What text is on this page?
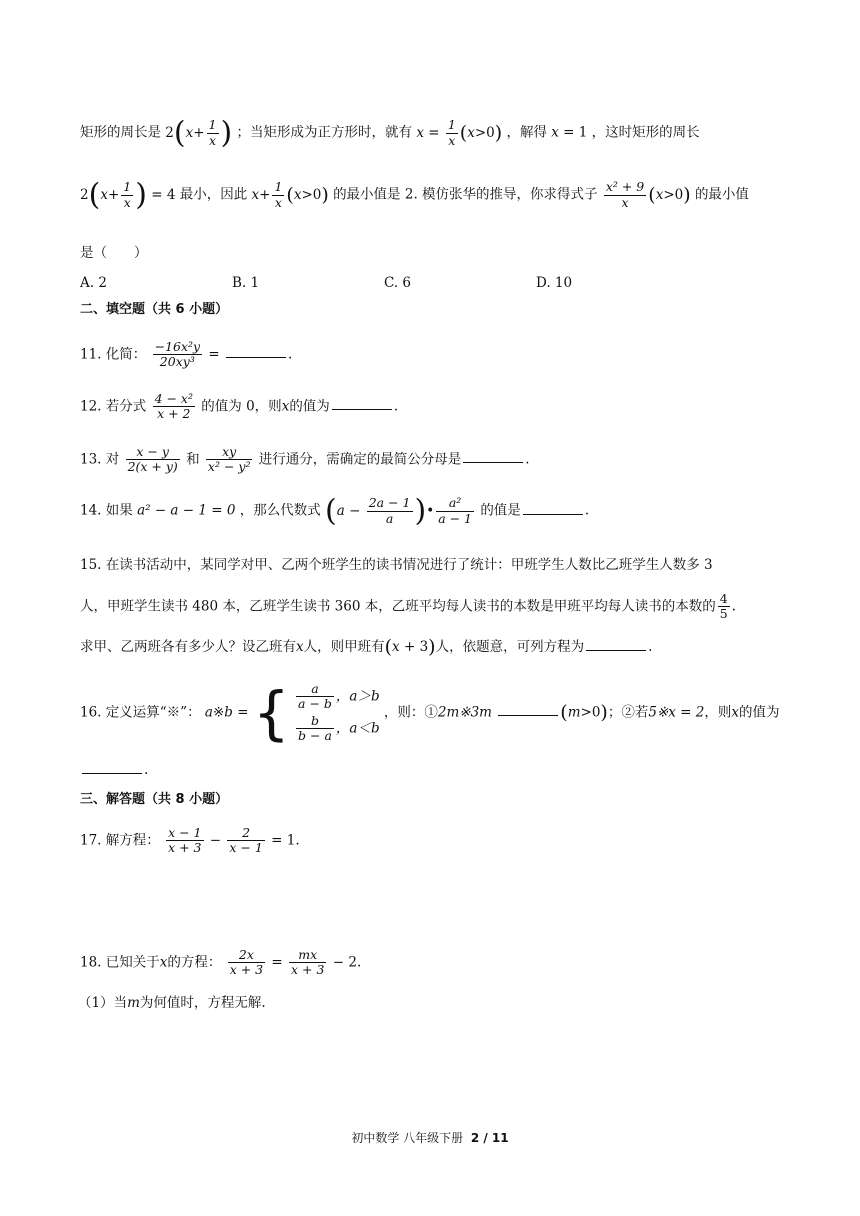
矩形的周长是 $2(x+ \frac{1}{x}$ ) ；当矩形成为正方形时，就有 $x = \frac{1}{x} (x>0)$ ，解得 x = 1 ，这时矩形的周长
$2(x+ \frac{1}{x}$ ) = 4 最小，因此 $x+ \frac{1}{x} (x>0)$ 的最小值是 2. 模仿张华的推导，你求得式子 $\frac{\text{x² + 9}}{x} (x>0)$ 的最小值
是（　　）
A. 2	B. 1	C. 6	D. 10
二、填空题（共 6 小题）
11. 化简： $\frac{\text{−16x²y}}{\text{20xy³}}$ =	.
12. 若分式 $\frac{\text{4 − x²}}{x + 2}$ 的值为 0，则x的值为	.
13. 对 $\frac{x - y}{2(x + y)}$ 和 $\frac{xy}{\text{x² − y²}}$ 进行通分，需确定的最简公分母是	.
14. 如果 a² − a − 1 = 0 ，那么代数式 ($a - \frac{2a - 1}{a}$ )• $\frac{\text{a²}}{a - 1}$ 的值是	.
15. 在读书活动中，某同学对甲、乙两个班学生的读书情况进行了统计：甲班学生人数比乙班学生人数多 3
人，甲班学生读书 480 本，乙班学生读书 360 本，乙班平均每人读书的本数是甲班平均每人读书的本数的 $\frac{4}{5}$ .
求甲、乙两班各有多少人？设乙班有x人，则甲班有(x + 3)人，依题意，可列方程为	.
16. 定义运算“※”： a※b = { $\frac{a}{a - b}$ ，a＞b
$\frac{b}{b - a}$ ，a＜b
，则：①2m※3m	(m>0)；②若5※x = 2，则x的值为
.
三、解答题（共 8 小题）
17. 解方程： $\frac{x - 1}{x + 3} - \frac{2}{x - 1} = 1$.
18. 已知关于x的方程： $\frac{2x}{x + 3} = \frac{mx}{x + 3} - 2$.
（1）当m为何值时，方程无解.
初中数学 八年级下册 2 / 11
